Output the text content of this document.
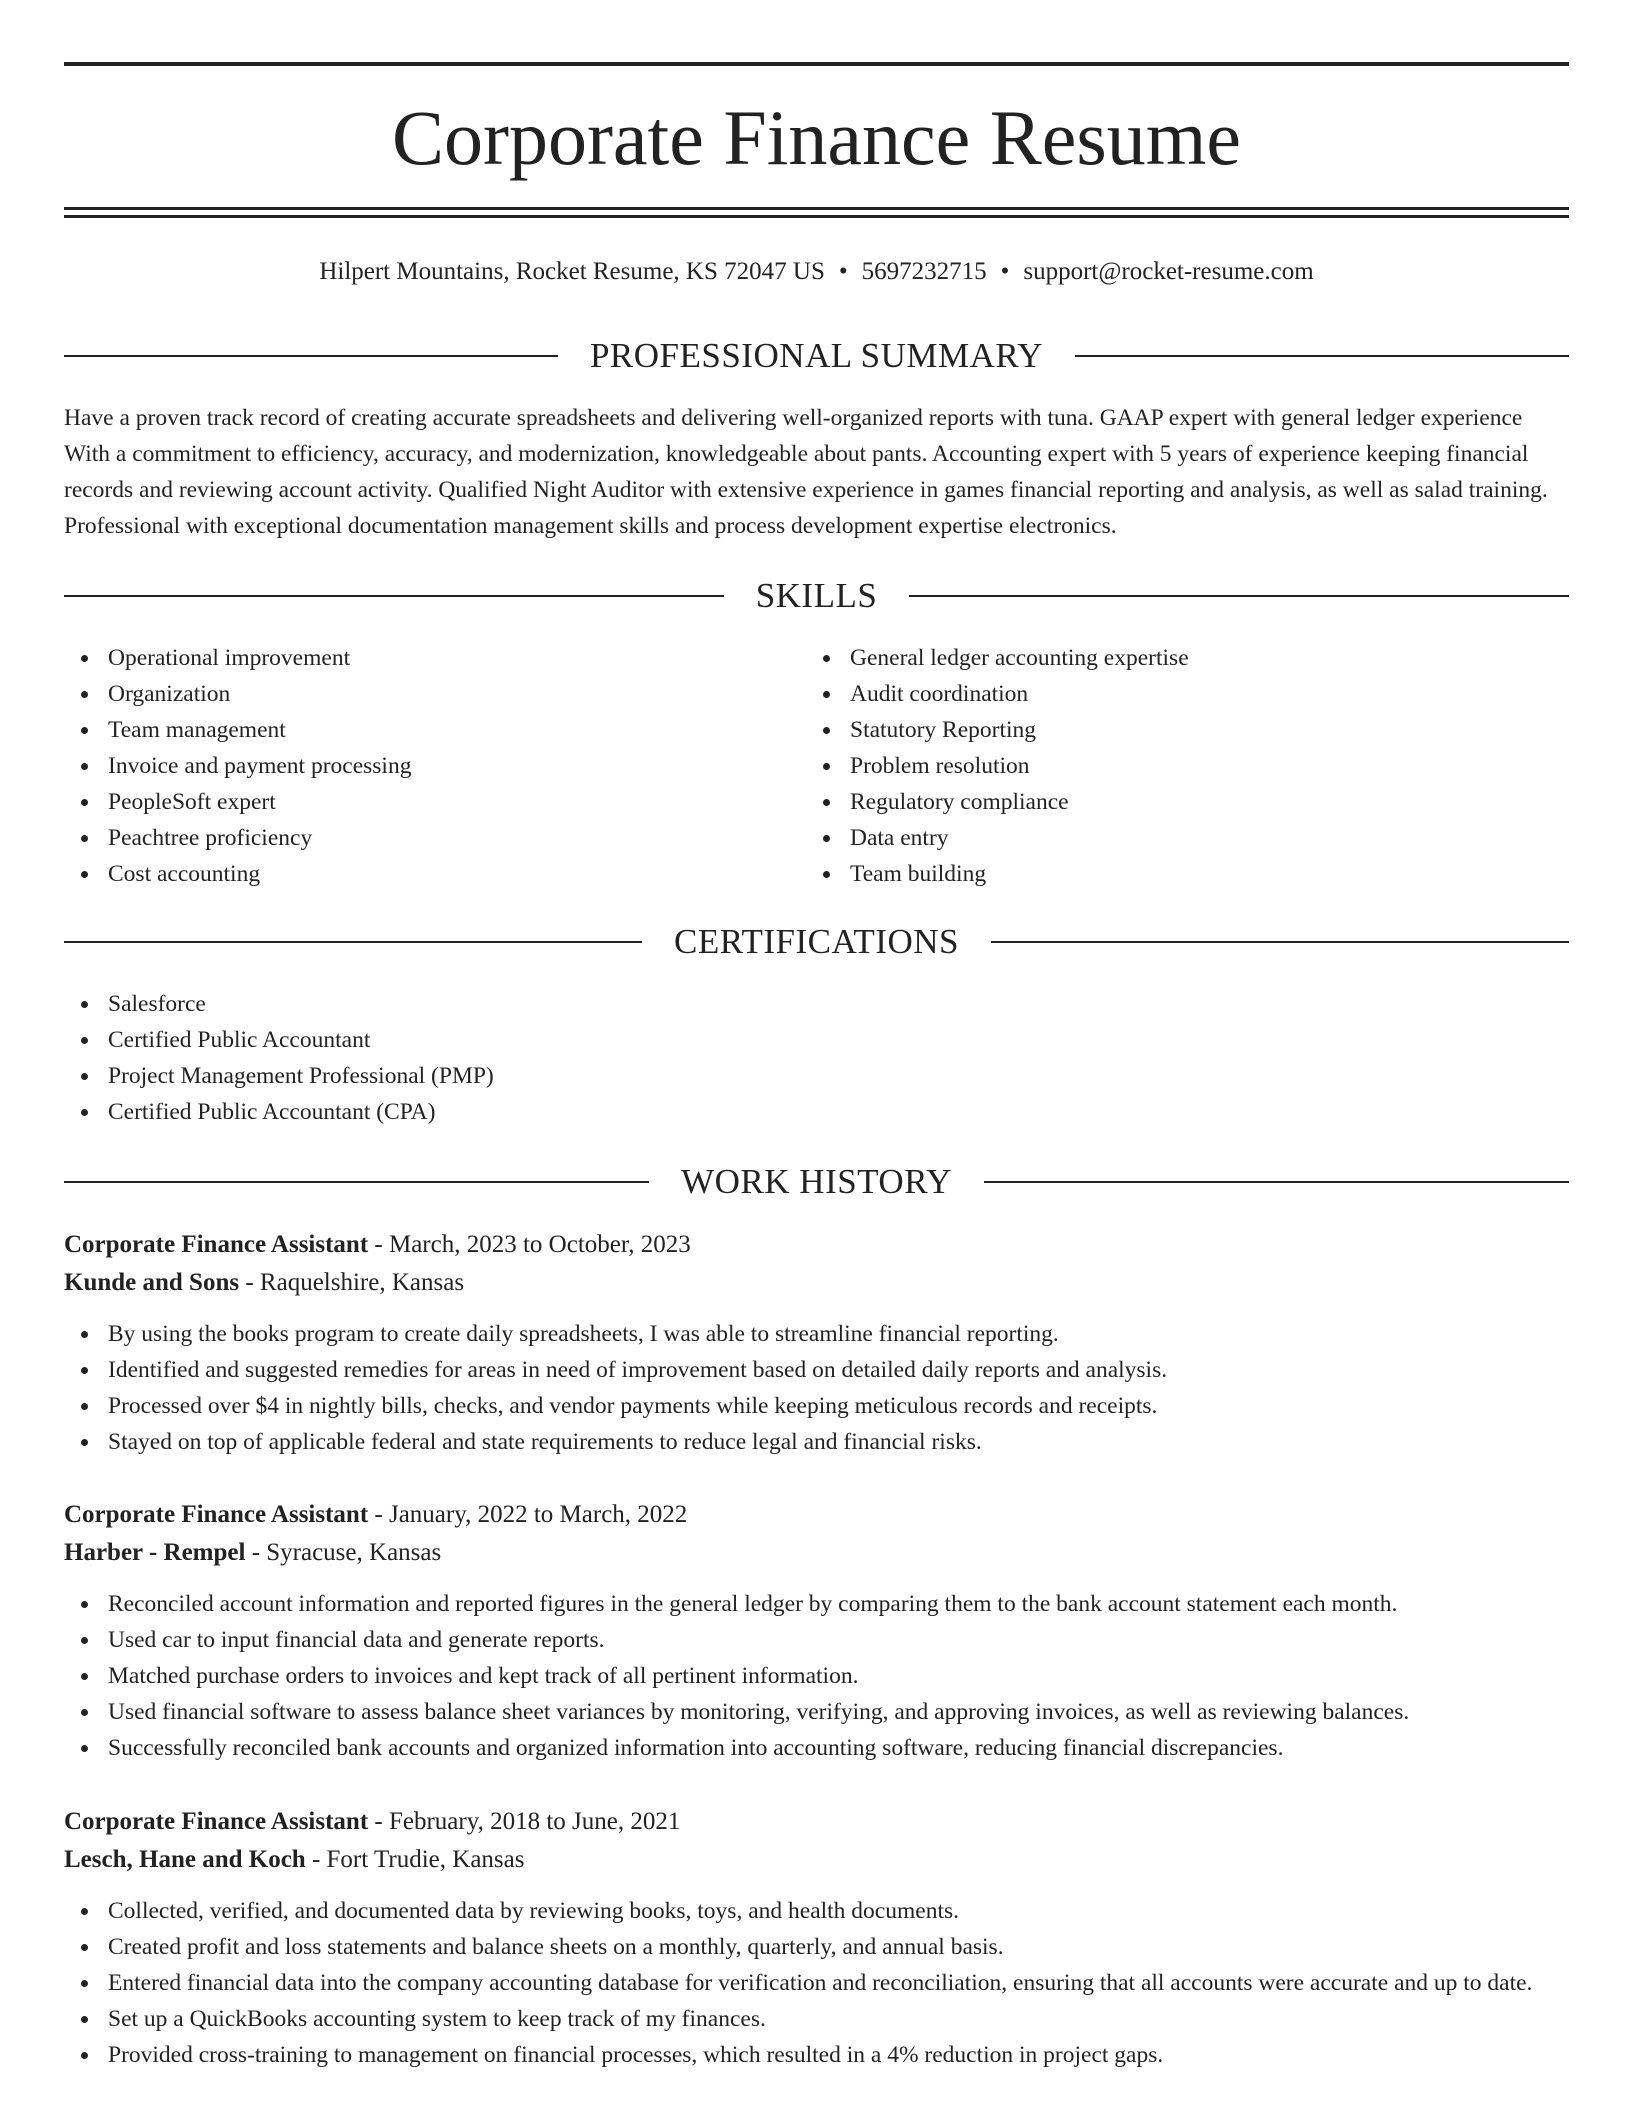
Corporate Finance Resume
Hilpert Mountains, Rocket Resume, KS 72047 US • 5697232715 • support@rocket-resume.com
PROFESSIONAL SUMMARY

Have a proven track record of creating accurate spreadsheets and delivering well-organized reports with tuna. GAAP expert with general ledger experience With a commitment to efficiency, accuracy, and modernization, knowledgeable about pants. Accounting expert with 5 years of experience keeping financial records and reviewing account activity. Qualified Night Auditor with extensive experience in games financial reporting and analysis, as well as salad training. Professional with exceptional documentation management skills and process development expertise electronics.

SKILLS
Operational improvement
Organization
Team management
Invoice and payment processing
PeopleSoft expert
Peachtree proficiency
Cost accounting
General ledger accounting expertise
Audit coordination
Statutory Reporting
Problem resolution
Regulatory compliance
Data entry
Team building
CERTIFICATIONS
Salesforce
Certified Public Accountant
Project Management Professional (PMP)
Certified Public Accountant (CPA)
WORK HISTORY
Corporate Finance Assistant - March, 2023 to October, 2023
Kunde and Sons - Raquelshire, Kansas
By using the books program to create daily spreadsheets, I was able to streamline financial reporting.
Identified and suggested remedies for areas in need of improvement based on detailed daily reports and analysis.
Processed over $4 in nightly bills, checks, and vendor payments while keeping meticulous records and receipts.
Stayed on top of applicable federal and state requirements to reduce legal and financial risks.
Corporate Finance Assistant - January, 2022 to March, 2022
Harber - Rempel - Syracuse, Kansas
Reconciled account information and reported figures in the general ledger by comparing them to the bank account statement each month.
Used car to input financial data and generate reports.
Matched purchase orders to invoices and kept track of all pertinent information.
Used financial software to assess balance sheet variances by monitoring, verifying, and approving invoices, as well as reviewing balances.
Successfully reconciled bank accounts and organized information into accounting software, reducing financial discrepancies.
Corporate Finance Assistant - February, 2018 to June, 2021
Lesch, Hane and Koch - Fort Trudie, Kansas
Collected, verified, and documented data by reviewing books, toys, and health documents.
Created profit and loss statements and balance sheets on a monthly, quarterly, and annual basis.
Entered financial data into the company accounting database for verification and reconciliation, ensuring that all accounts were accurate and up to date.
Set up a QuickBooks accounting system to keep track of my finances.
Provided cross-training to management on financial processes, which resulted in a 4% reduction in project gaps.
